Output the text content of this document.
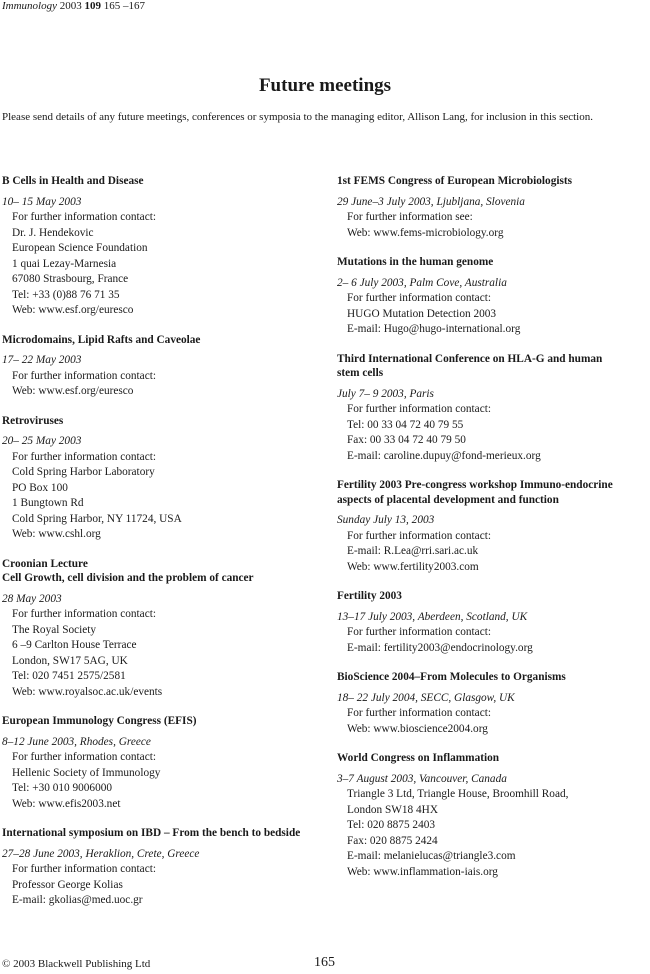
Immunology 2003 109 165 –167
Future meetings
Please send details of any future meetings, conferences or symposia to the managing editor, Allison Lang, for inclusion in this section.
B Cells in Health and Disease
10– 15 May 2003
For further information contact:
Dr. J. Hendekovic
European Science Foundation
1 quai Lezay-Marnesia
67080 Strasbourg, France
Tel: +33 (0)88 76 71 35
Web: www.esf.org/euresco
Microdomains, Lipid Rafts and Caveolae
17– 22 May 2003
For further information contact:
Web: www.esf.org/euresco
Retroviruses
20– 25 May 2003
For further information contact:
Cold Spring Harbor Laboratory
PO Box 100
1 Bungtown Rd
Cold Spring Harbor, NY 11724, USA
Web: www.cshl.org
Croonian Lecture
Cell Growth, cell division and the problem of cancer
28 May 2003
For further information contact:
The Royal Society
6 –9 Carlton House Terrace
London, SW17 5AG, UK
Tel: 020 7451 2575/2581
Web: www.royalsoc.ac.uk/events
European Immunology Congress (EFIS)
8–12 June 2003, Rhodes, Greece
For further information contact:
Hellenic Society of Immunology
Tel: +30 010 9006000
Web: www.efis2003.net
International symposium on IBD – From the bench to bedside
27–28 June 2003, Heraklion, Crete, Greece
For further information contact:
Professor George Kolias
E-mail: gkolias@med.uoc.gr
1st FEMS Congress of European Microbiologists
29 June–3 July 2003, Ljubljana, Slovenia
For further information see:
Web: www.fems-microbiology.org
Mutations in the human genome
2– 6 July 2003, Palm Cove, Australia
For further information contact:
HUGO Mutation Detection 2003
E-mail: Hugo@hugo-international.org
Third International Conference on HLA-G and human
stem cells
July 7– 9 2003, Paris
For further information contact:
Tel: 00 33 04 72 40 79 55
Fax: 00 33 04 72 40 79 50
E-mail: caroline.dupuy@fond-merieux.org
Fertility 2003 Pre-congress workshop Immuno-endocrine
aspects of placental development and function
Sunday July 13, 2003
For further information contact:
E-mail: R.Lea@rri.sari.ac.uk
Web: www.fertility2003.com
Fertility 2003
13–17 July 2003, Aberdeen, Scotland, UK
For further information contact:
E-mail: fertility2003@endocrinology.org
BioScience 2004–From Molecules to Organisms
18– 22 July 2004, SECC, Glasgow, UK
For further information contact:
Web: www.bioscience2004.org
World Congress on Inflammation
3–7 August 2003, Vancouver, Canada
Triangle 3 Ltd, Triangle House, Broomhill Road,
London SW18 4HX
Tel: 020 8875 2403
Fax: 020 8875 2424
E-mail: melanielucas@triangle3.com
Web: www.inflammation-iais.org
© 2003 Blackwell Publishing Ltd	165
